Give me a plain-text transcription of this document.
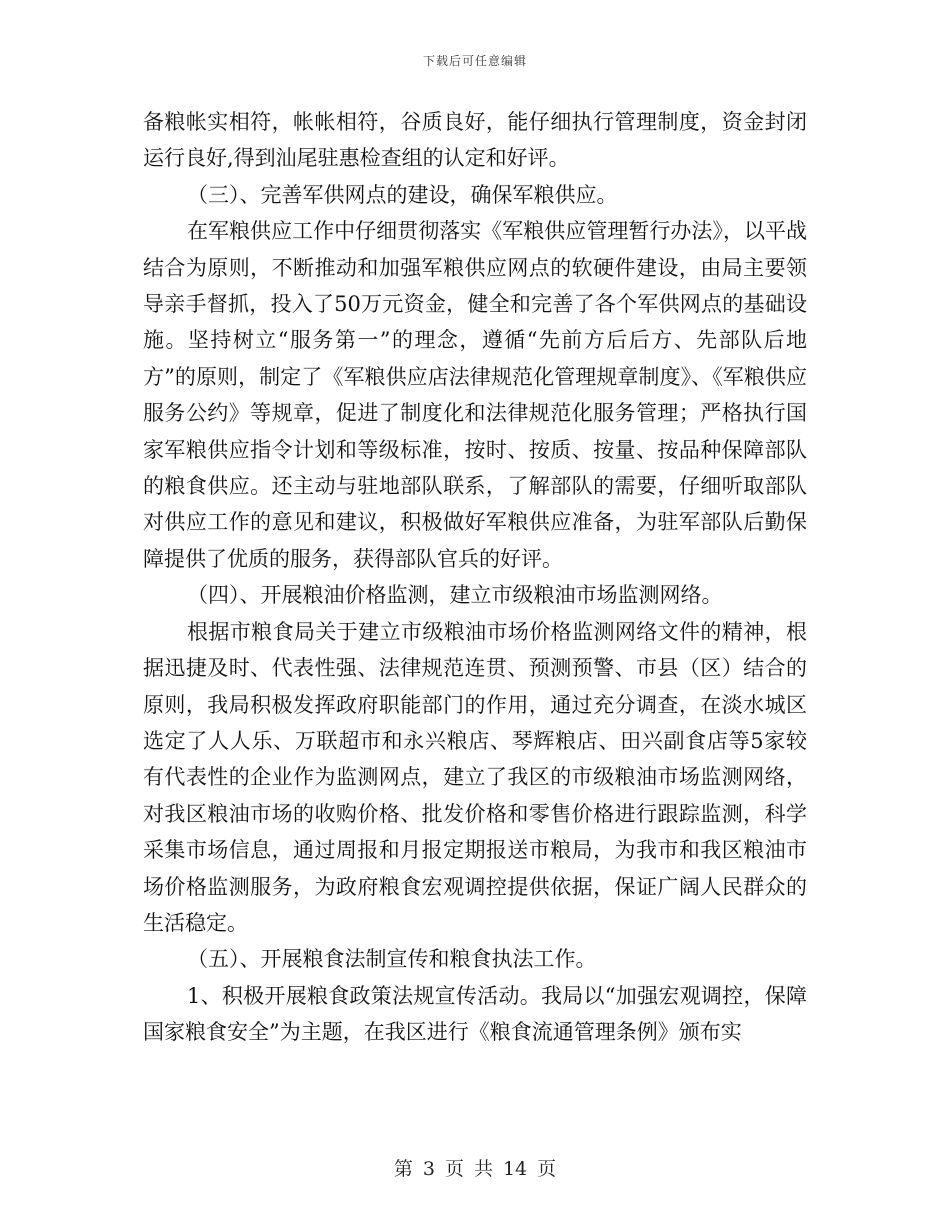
下载后可任意编辑

备粮帐实相符，帐帐相符，谷质良好，能仔细执行管理制度，资金封闭运行良好,得到汕尾驻惠检查组的认定和好评。

（三）、完善军供网点的建设，确保军粮供应。

在军粮供应工作中仔细贯彻落实《军粮供应管理暂行办法》，以平战结合为原则，不断推动和加强军粮供应网点的软硬件建设，由局主要领导亲手督抓，投入了50万元资金，健全和完善了各个军供网点的基础设施。坚持树立“服务第一”的理念，遵循“先前方后后方、先部队后地方”的原则，制定了《军粮供应店法律规范化管理规章制度》、《军粮供应服务公约》等规章，促进了制度化和法律规范化服务管理；严格执行国家军粮供应指令计划和等级标准，按时、按质、按量、按品种保障部队的粮食供应。还主动与驻地部队联系，了解部队的需要，仔细听取部队对供应工作的意见和建议，积极做好军粮供应准备，为驻军部队后勤保障提供了优质的服务，获得部队官兵的好评。

（四）、开展粮油价格监测，建立市级粮油市场监测网络。

根据市粮食局关于建立市级粮油市场价格监测网络文件的精神，根据迅捷及时、代表性强、法律规范连贯、预测预警、市县（区）结合的原则，我局积极发挥政府职能部门的作用，通过充分调查，在淡水城区选定了人人乐、万联超市和永兴粮店、琴辉粮店、田兴副食店等5家较有代表性的企业作为监测网点，建立了我区的市级粮油市场监测网络，对我区粮油市场的收购价格、批发价格和零售价格进行跟踪监测，科学采集市场信息，通过周报和月报定期报送市粮局，为我市和我区粮油市场价格监测服务，为政府粮食宏观调控提供依据，保证广阔人民群众的生活稳定。

（五）、开展粮食法制宣传和粮食执法工作。

1、积极开展粮食政策法规宣传活动。我局以“加强宏观调控，保障国家粮食安全”为主题，在我区进行《粮食流通管理条例》颁布实

第 3 页 共 14 页
